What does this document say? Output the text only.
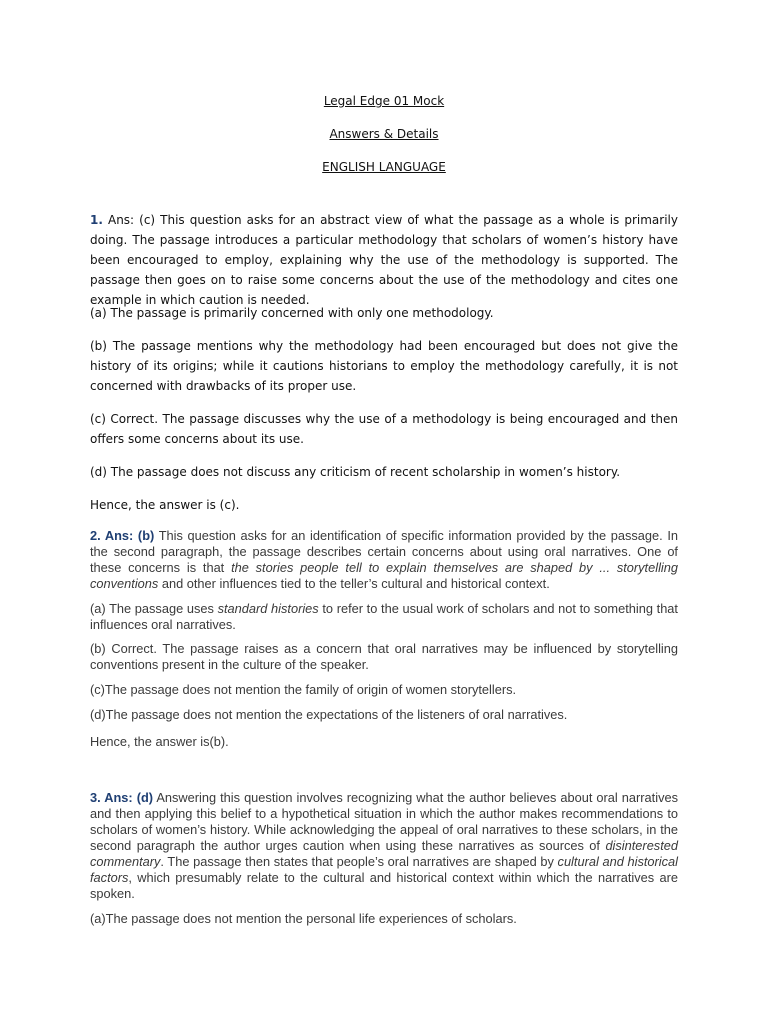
Legal Edge 01 Mock
Answers & Details
ENGLISH LANGUAGE

1. Ans: (c) This question asks for an abstract view of what the passage as a whole is primarily doing. The passage introduces a particular methodology that scholars of women’s history have been encouraged to employ, explaining why the use of the methodology is supported. The passage then goes on to raise some concerns about the use of the methodology and cites one example in which caution is needed.

(a) The passage is primarily concerned with only one methodology.

(b) The passage mentions why the methodology had been encouraged but does not give the history of its origins; while it cautions historians to employ the methodology carefully, it is not concerned with drawbacks of its proper use.

(c) Correct. The passage discusses why the use of a methodology is being encouraged and then offers some concerns about its use.

(d) The passage does not discuss any criticism of recent scholarship in women’s history.

Hence, the answer is (c).

2. Ans: (b) This question asks for an identification of specific information provided by the passage. In the second paragraph, the passage describes certain concerns about using oral narratives. One of these concerns is that the stories people tell to explain themselves are shaped by ... storytelling conventions and other influences tied to the teller’s cultural and historical context.

(a) The passage uses standard histories to refer to the usual work of scholars and not to something that influences oral narratives.

(b) Correct. The passage raises as a concern that oral narratives may be influenced by storytelling conventions present in the culture of the speaker.

(c)The passage does not mention the family of origin of women storytellers.

(d)The passage does not mention the expectations of the listeners of oral narratives.

Hence, the answer is(b).

3. Ans: (d) Answering this question involves recognizing what the author believes about oral narratives and then applying this belief to a hypothetical situation in which the author makes recommendations to scholars of women’s history. While acknowledging the appeal of oral narratives to these scholars, in the second paragraph the author urges caution when using these narratives as sources of disinterested commentary. The passage then states that people’s oral narratives are shaped by cultural and historical factors, which presumably relate to the cultural and historical context within which the narratives are spoken.

(a)The passage does not mention the personal life experiences of scholars.
